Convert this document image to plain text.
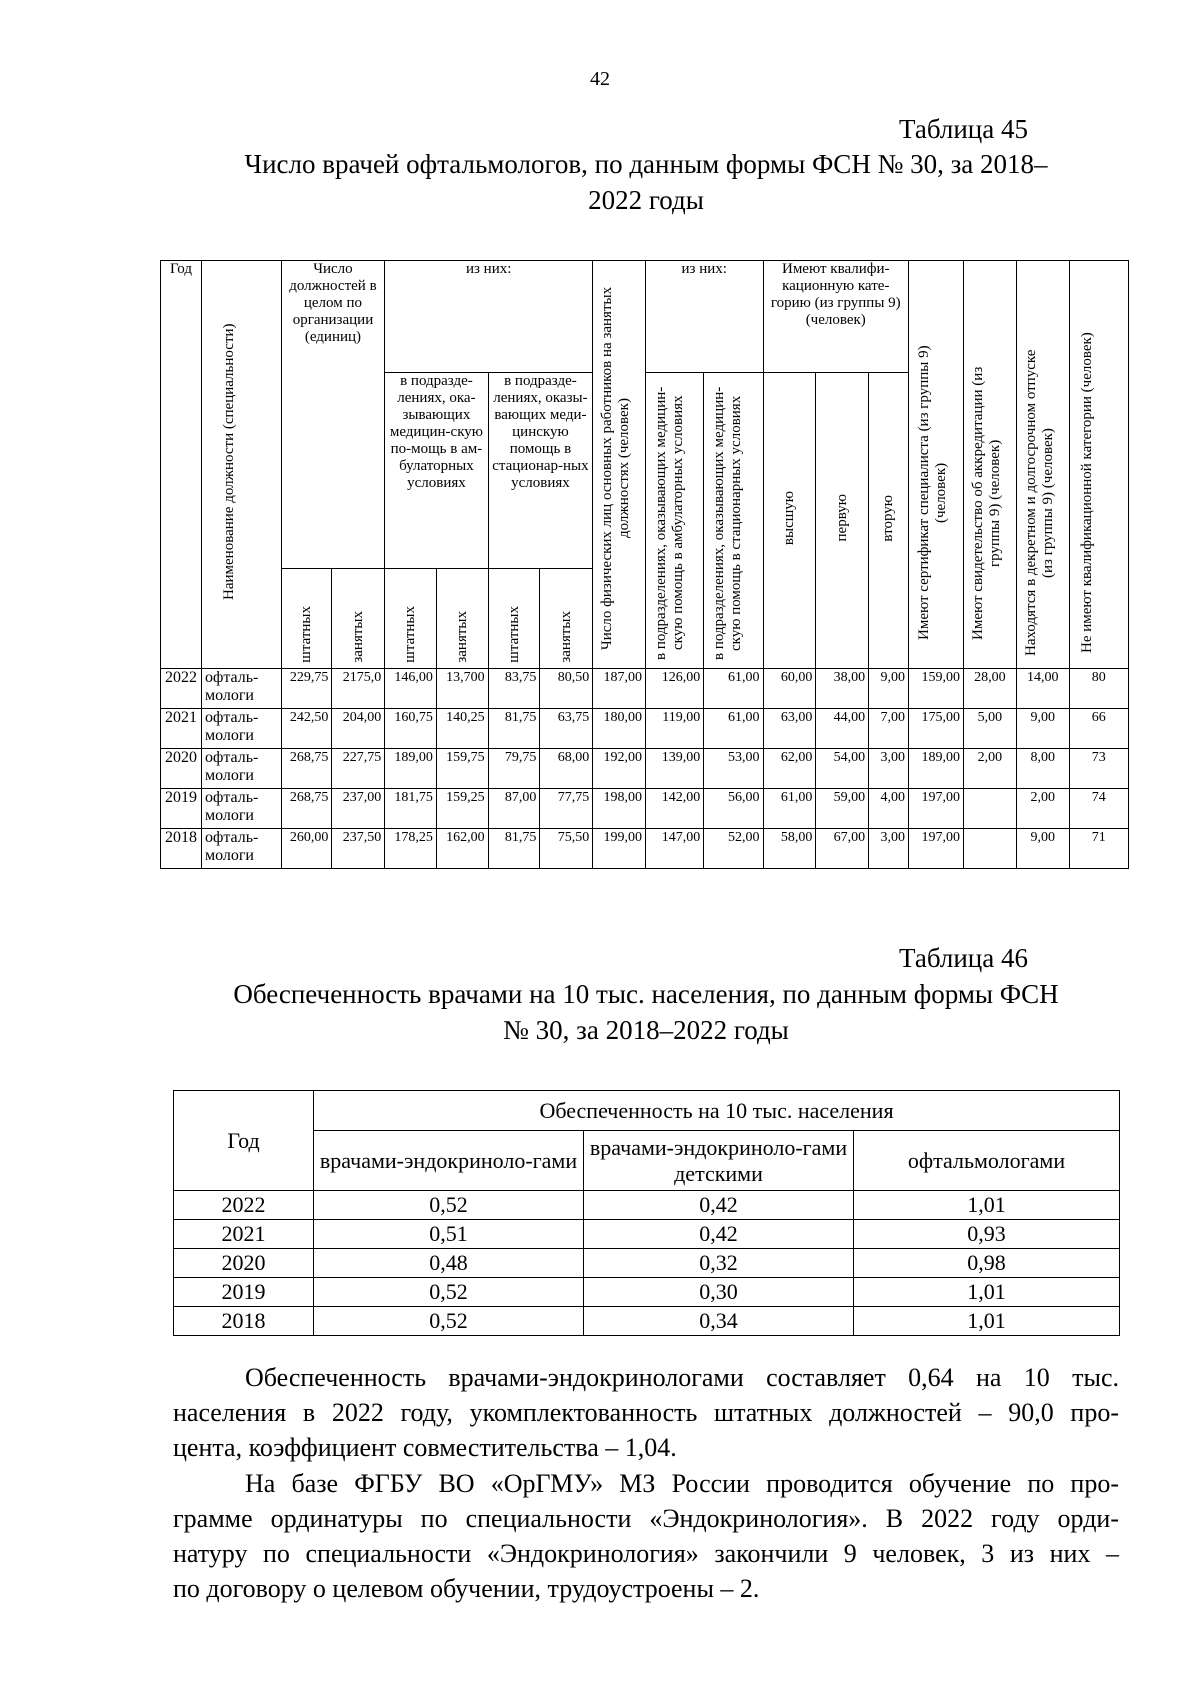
42
Таблица 45
Число врачей офтальмологов, по данным формы ФСН № 30, за 2018–
2022 годы
Год	Наименование должности (специальности)	Число должностей в целом по организации (единиц)		из них:				Число физических лиц основных работников на занятых должностях (человек)	из них:		Имеют квалифи-кационную кате-горию (из группы 9) (человек)			Имеют сертификат специалиста (из группы 9) (человек)	Имеют свидетельство об аккредитации (из группы 9) (человек)	Находятся в декретном и долгосрочном отпуске (из группы 9) (человек)	Не имеют квалификационной категории (человек)
				в подразде-лениях, ока-зывающих медицин-скую по-мощь в ам-булаторных условиях		в подразде-лениях, оказы-вающих меди-цинскую помощь в стационар-ных условиях			в подразделениях, оказывающих медицин-скую помощь в амбулаторных условиях	в подразделениях, оказывающих медицин-скую помощь в стационарных условиях	высшую	первую	вторую				
		штатных	занятых	штатных	занятых	штатных	занятых										
2022	офталь-мологи	229,75	2175,0	146,00	13,700	83,75	80,50	187,00	126,00	61,00	60,00	38,00	9,00	159,00	28,00	14,00	80
2021	офталь-мологи	242,50	204,00	160,75	140,25	81,75	63,75	180,00	119,00	61,00	63,00	44,00	7,00	175,00	5,00	9,00	66
2020	офталь-мологи	268,75	227,75	189,00	159,75	79,75	68,00	192,00	139,00	53,00	62,00	54,00	3,00	189,00	2,00	8,00	73
2019	офталь-мологи	268,75	237,00	181,75	159,25	87,00	77,75	198,00	142,00	56,00	61,00	59,00	4,00	197,00		2,00	74
2018	офталь-мологи	260,00	237,50	178,25	162,00	81,75	75,50	199,00	147,00	52,00	58,00	67,00	3,00	197,00		9,00	71
Таблица 46
Обеспеченность врачами на 10 тыс. населения, по данным формы ФСН
№ 30, за 2018–2022 годы
Год	Обеспеченность на 10 тыс. населения		
	врачами-эндокриноло-гами	врачами-эндокриноло-гами детскими	офтальмологами
2022	0,52	0,42	1,01
2021	0,51	0,42	0,93
2020	0,48	0,32	0,98
2019	0,52	0,30	1,01
2018	0,52	0,34	1,01
Обеспеченность врачами-эндокринологами составляет 0,64 на 10 тыс.
населения в 2022 году, укомплектованность штатных должностей – 90,0 про-
цента, коэффициент совместительства – 1,04.
На базе ФГБУ ВО «ОрГМУ» МЗ России проводится обучение по про-
грамме ординатуры по специальности «Эндокринология». В 2022 году орди-
натуру по специальности «Эндокринология» закончили 9 человек, 3 из них –
по договору о целевом обучении, трудоустроены – 2.
